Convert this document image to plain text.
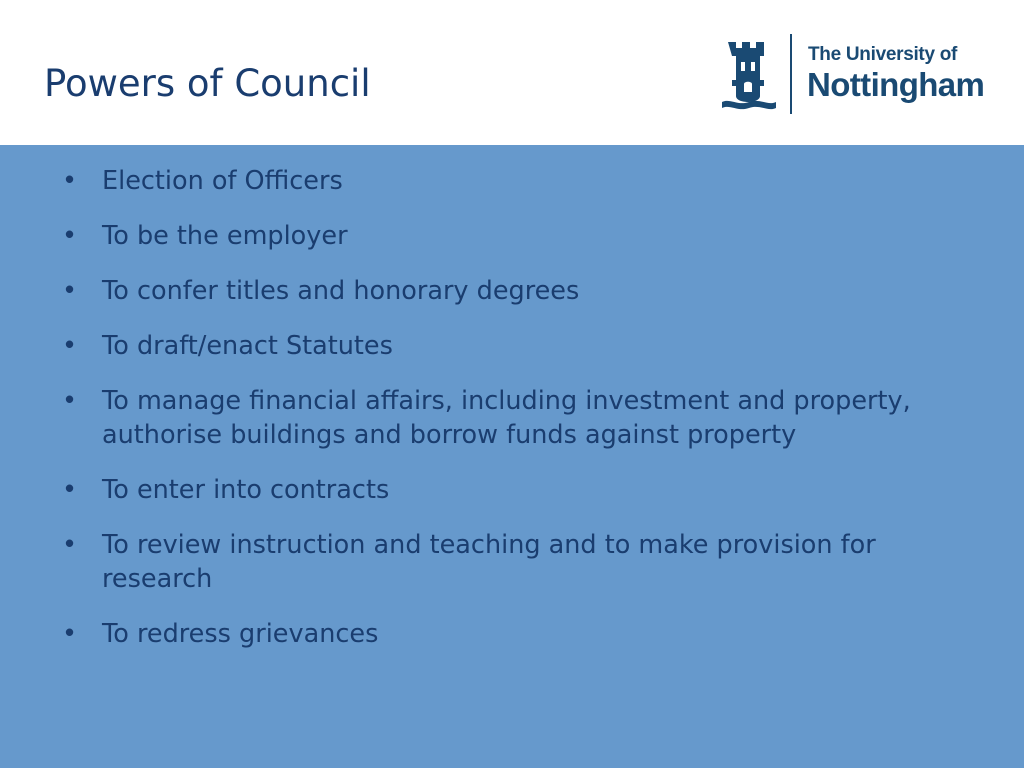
Powers of Council
The University of
Nottingham
• Election of Officers
• To be the employer
• To confer titles and honorary degrees
• To draft/enact Statutes
• To manage financial affairs, including investment and property, authorise buildings and borrow funds against property
• To enter into contracts
• To review instruction and teaching and to make provision for research
• To redress grievances
